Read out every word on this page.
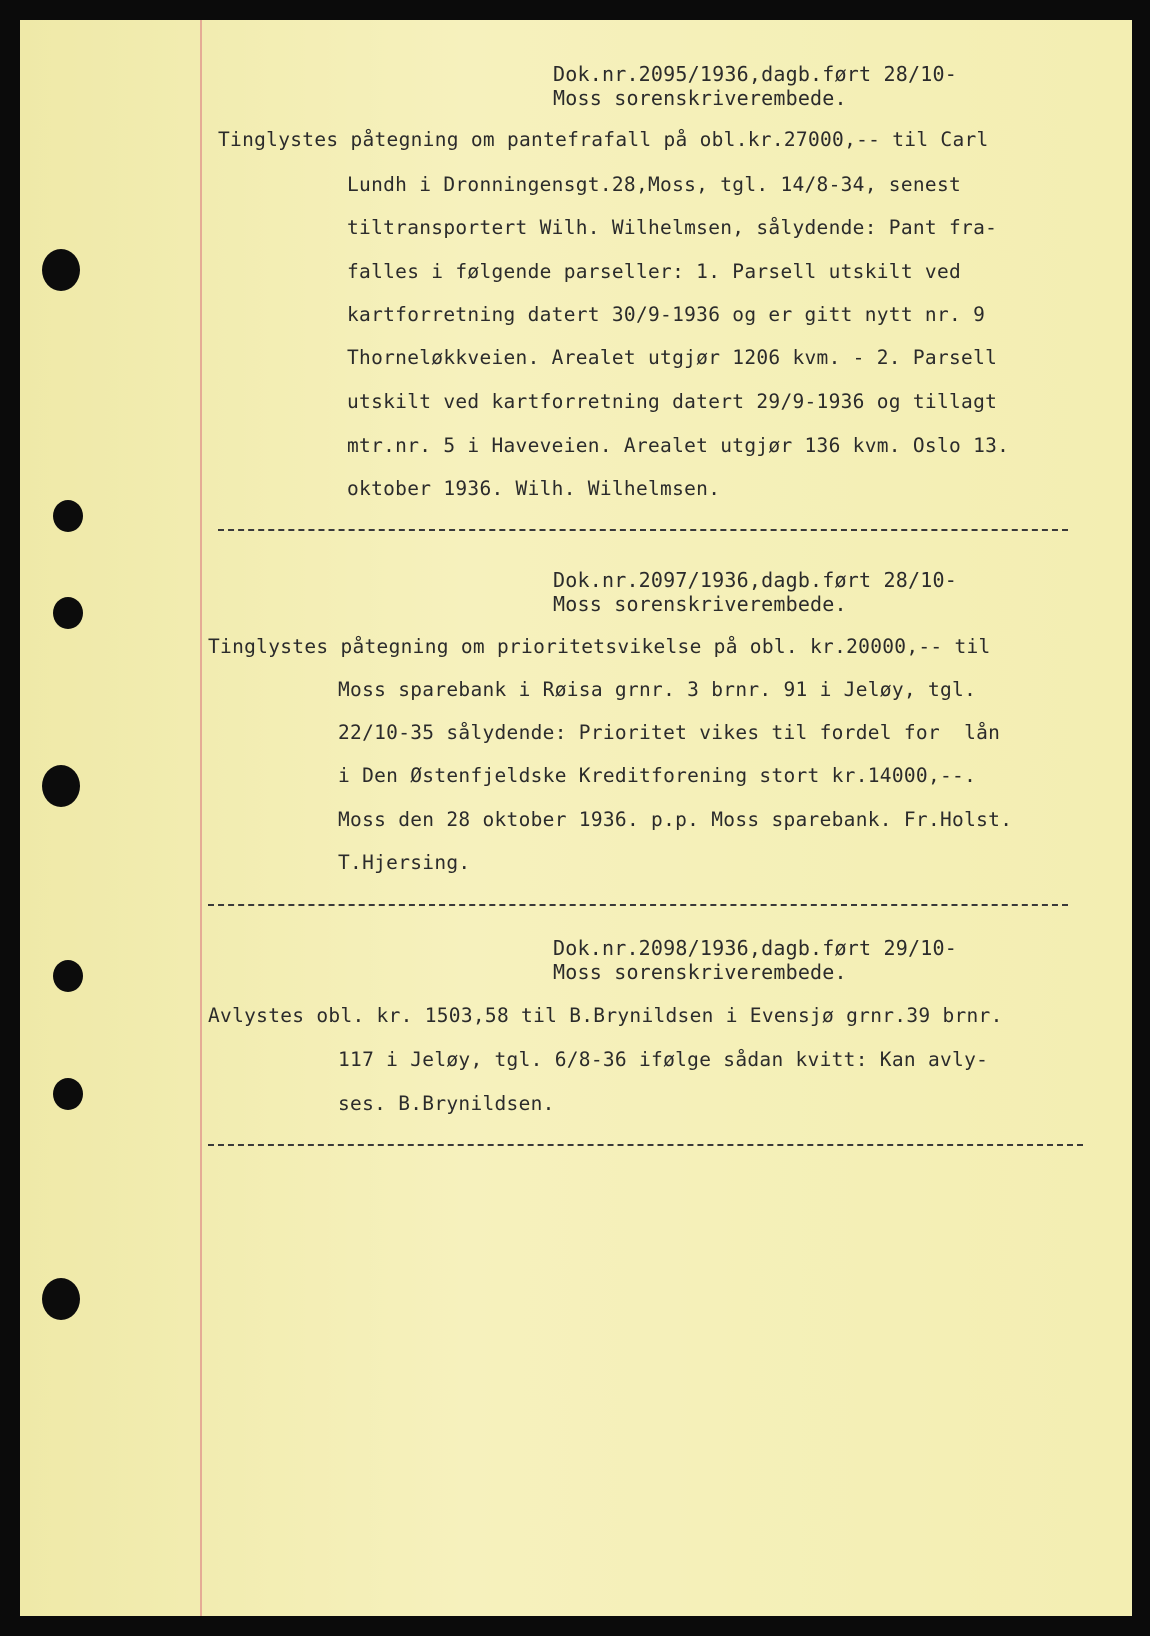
Dok.nr.2095/1936,dagb.ført 28/10-
Moss sorenskriverembede.
Tinglystes påtegning om pantefrafall på obl.kr.27000,-- til Carl
Lundh i Dronningensgt.28,Moss, tgl. 14/8-34, senest
tiltransportert Wilh. Wilhelmsen, sålydende: Pant fra-
falles i følgende parseller: 1. Parsell utskilt ved
kartforretning datert 30/9-1936 og er gitt nytt nr. 9
Thorneløkkveien. Arealet utgjør 1206 kvm. - 2. Parsell
utskilt ved kartforretning datert 29/9-1936 og tillagt
mtr.nr. 5 i Haveveien. Arealet utgjør 136 kvm. Oslo 13.
oktober 1936. Wilh. Wilhelmsen.
Dok.nr.2097/1936,dagb.ført 28/10-
Moss sorenskriverembede.
Tinglystes påtegning om prioritetsvikelse på obl. kr.20000,-- til
Moss sparebank i Røisa grnr. 3 brnr. 91 i Jeløy, tgl.
22/10-35 sålydende: Prioritet vikes til fordel for  lån
i Den Østenfjeldske Kreditforening stort kr.14000,--.
Moss den 28 oktober 1936. p.p. Moss sparebank. Fr.Holst.
T.Hjersing.
Dok.nr.2098/1936,dagb.ført 29/10-
Moss sorenskriverembede.
Avlystes obl. kr. 1503,58 til B.Brynildsen i Evensjø grnr.39 brnr.
117 i Jeløy, tgl. 6/8-36 ifølge sådan kvitt: Kan avly-
ses. B.Brynildsen.
